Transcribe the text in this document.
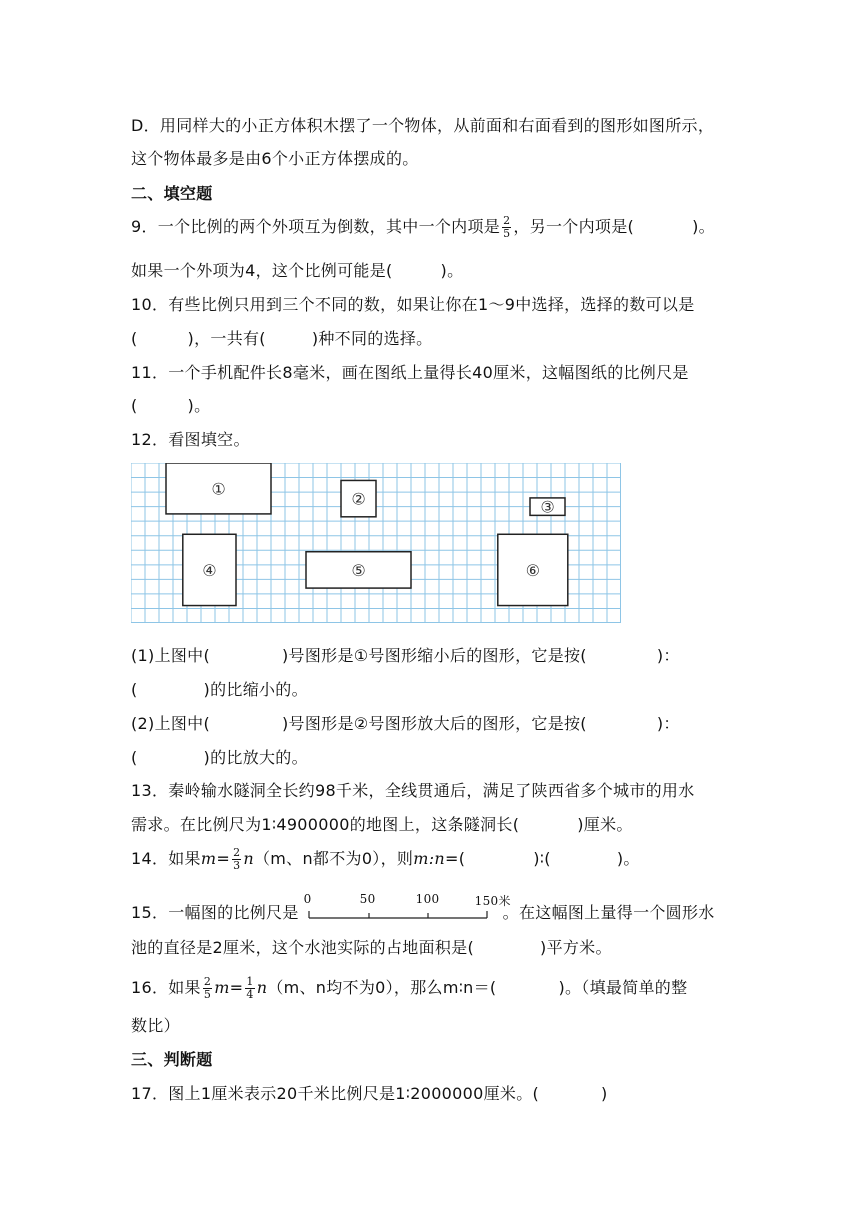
D．用同样大的小正方体积木摆了一个物体，从前面和右面看到的图形如图所示，
这个物体最多是由6个小正方体摆成的。
二、填空题
9．一个比例的两个外项互为倒数，其中一个内项是 $\frac{2}{5}$ ，另一个内项是(	)。
如果一个外项为4，这个比例可能是(	)。
10．有些比例只用到三个不同的数，如果让你在1～9中选择，选择的数可以是
(	)，一共有(	)种不同的选择。
11．一个手机配件长8毫米，画在图纸上量得长40厘米，这幅图纸的比例尺是
(	)。
12．看图填空。
①
②	③
④	⑤	⑥
(1)上图中(	)号图形是①号图形缩小后的图形，它是按(	)：
(	)的比缩小的。
(2)上图中(	)号图形是②号图形放大后的图形，它是按(	)：
(	)的比放大的。
13．秦岭输水隧洞全长约98千米，全线贯通后，满足了陕西省多个城市的用水
需求。在比例尺为1∶4900000的地图上，这条隧洞长(	)厘米。
14．如果$m= \frac{2}{3} n(m$、n都不为0），则m:n=(	)∶(	)。
15．一幅图的比例尺是
0	50	100	150米
。在这幅图上量得一个圆形水
池的直径是2厘米，这个水池实际的占地面积是(	)平方米。
16．如果 $\frac{2}{5} m= \frac{1}{4} n(m$、n均不为0），那么m∶n＝(	)。（填最简单的整
数比）
三、判断题
17．图上1厘米表示20千米比例尺是1∶2000000厘米。(	)
